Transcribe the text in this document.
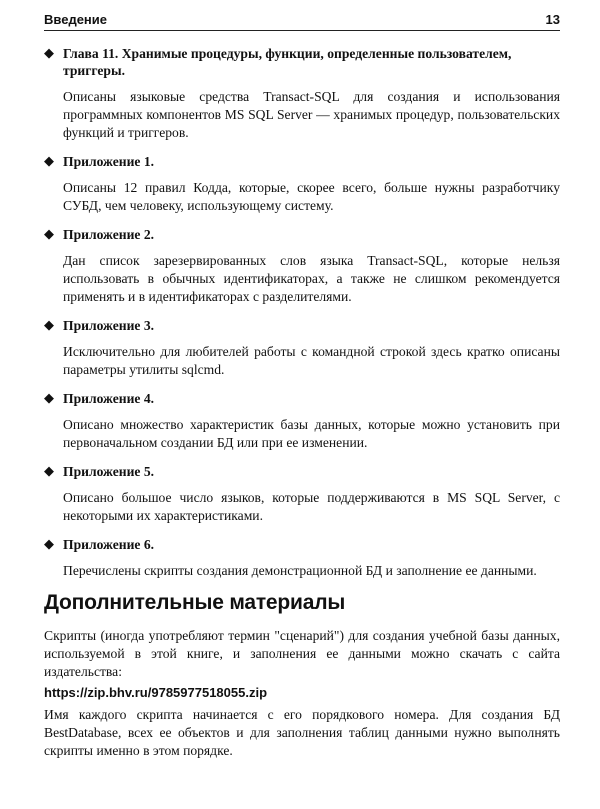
Введение	13
◆ Глава 11. Хранимые процедуры, функции, определенные пользователем, триггеры.

Описаны языковые средства Transact-SQL для создания и использования программных компонентов MS SQL Server — хранимых процедур, пользовательских функций и триггеров.

◆ Приложение 1.

Описаны 12 правил Кодда, которые, скорее всего, больше нужны разработчику СУБД, чем человеку, использующему систему.

◆ Приложение 2.

Дан список зарезервированных слов языка Transact-SQL, которые нельзя использовать в обычных идентификаторах, а также не слишком рекомендуется применять и в идентификаторах с разделителями.

◆ Приложение 3.

Исключительно для любителей работы с командной строкой здесь кратко описаны параметры утилиты sqlcmd.

◆ Приложение 4.

Описано множество характеристик базы данных, которые можно установить при первоначальном создании БД или при ее изменении.

◆ Приложение 5.

Описано большое число языков, которые поддерживаются в MS SQL Server, с некоторыми их характеристиками.

◆ Приложение 6.

Перечислены скрипты создания демонстрационной БД и заполнение ее данными.

Дополнительные материалы

Скрипты (иногда употребляют термин "сценарий") для создания учебной базы данных, используемой в этой книге, и заполнения ее данными можно скачать с сайта издательства:

https://zip.bhv.ru/9785977518055.zip

Имя каждого скрипта начинается с его порядкового номера. Для создания БД BestDatabase, всех ее объектов и для заполнения таблиц данными нужно выполнять скрипты именно в этом порядке.
